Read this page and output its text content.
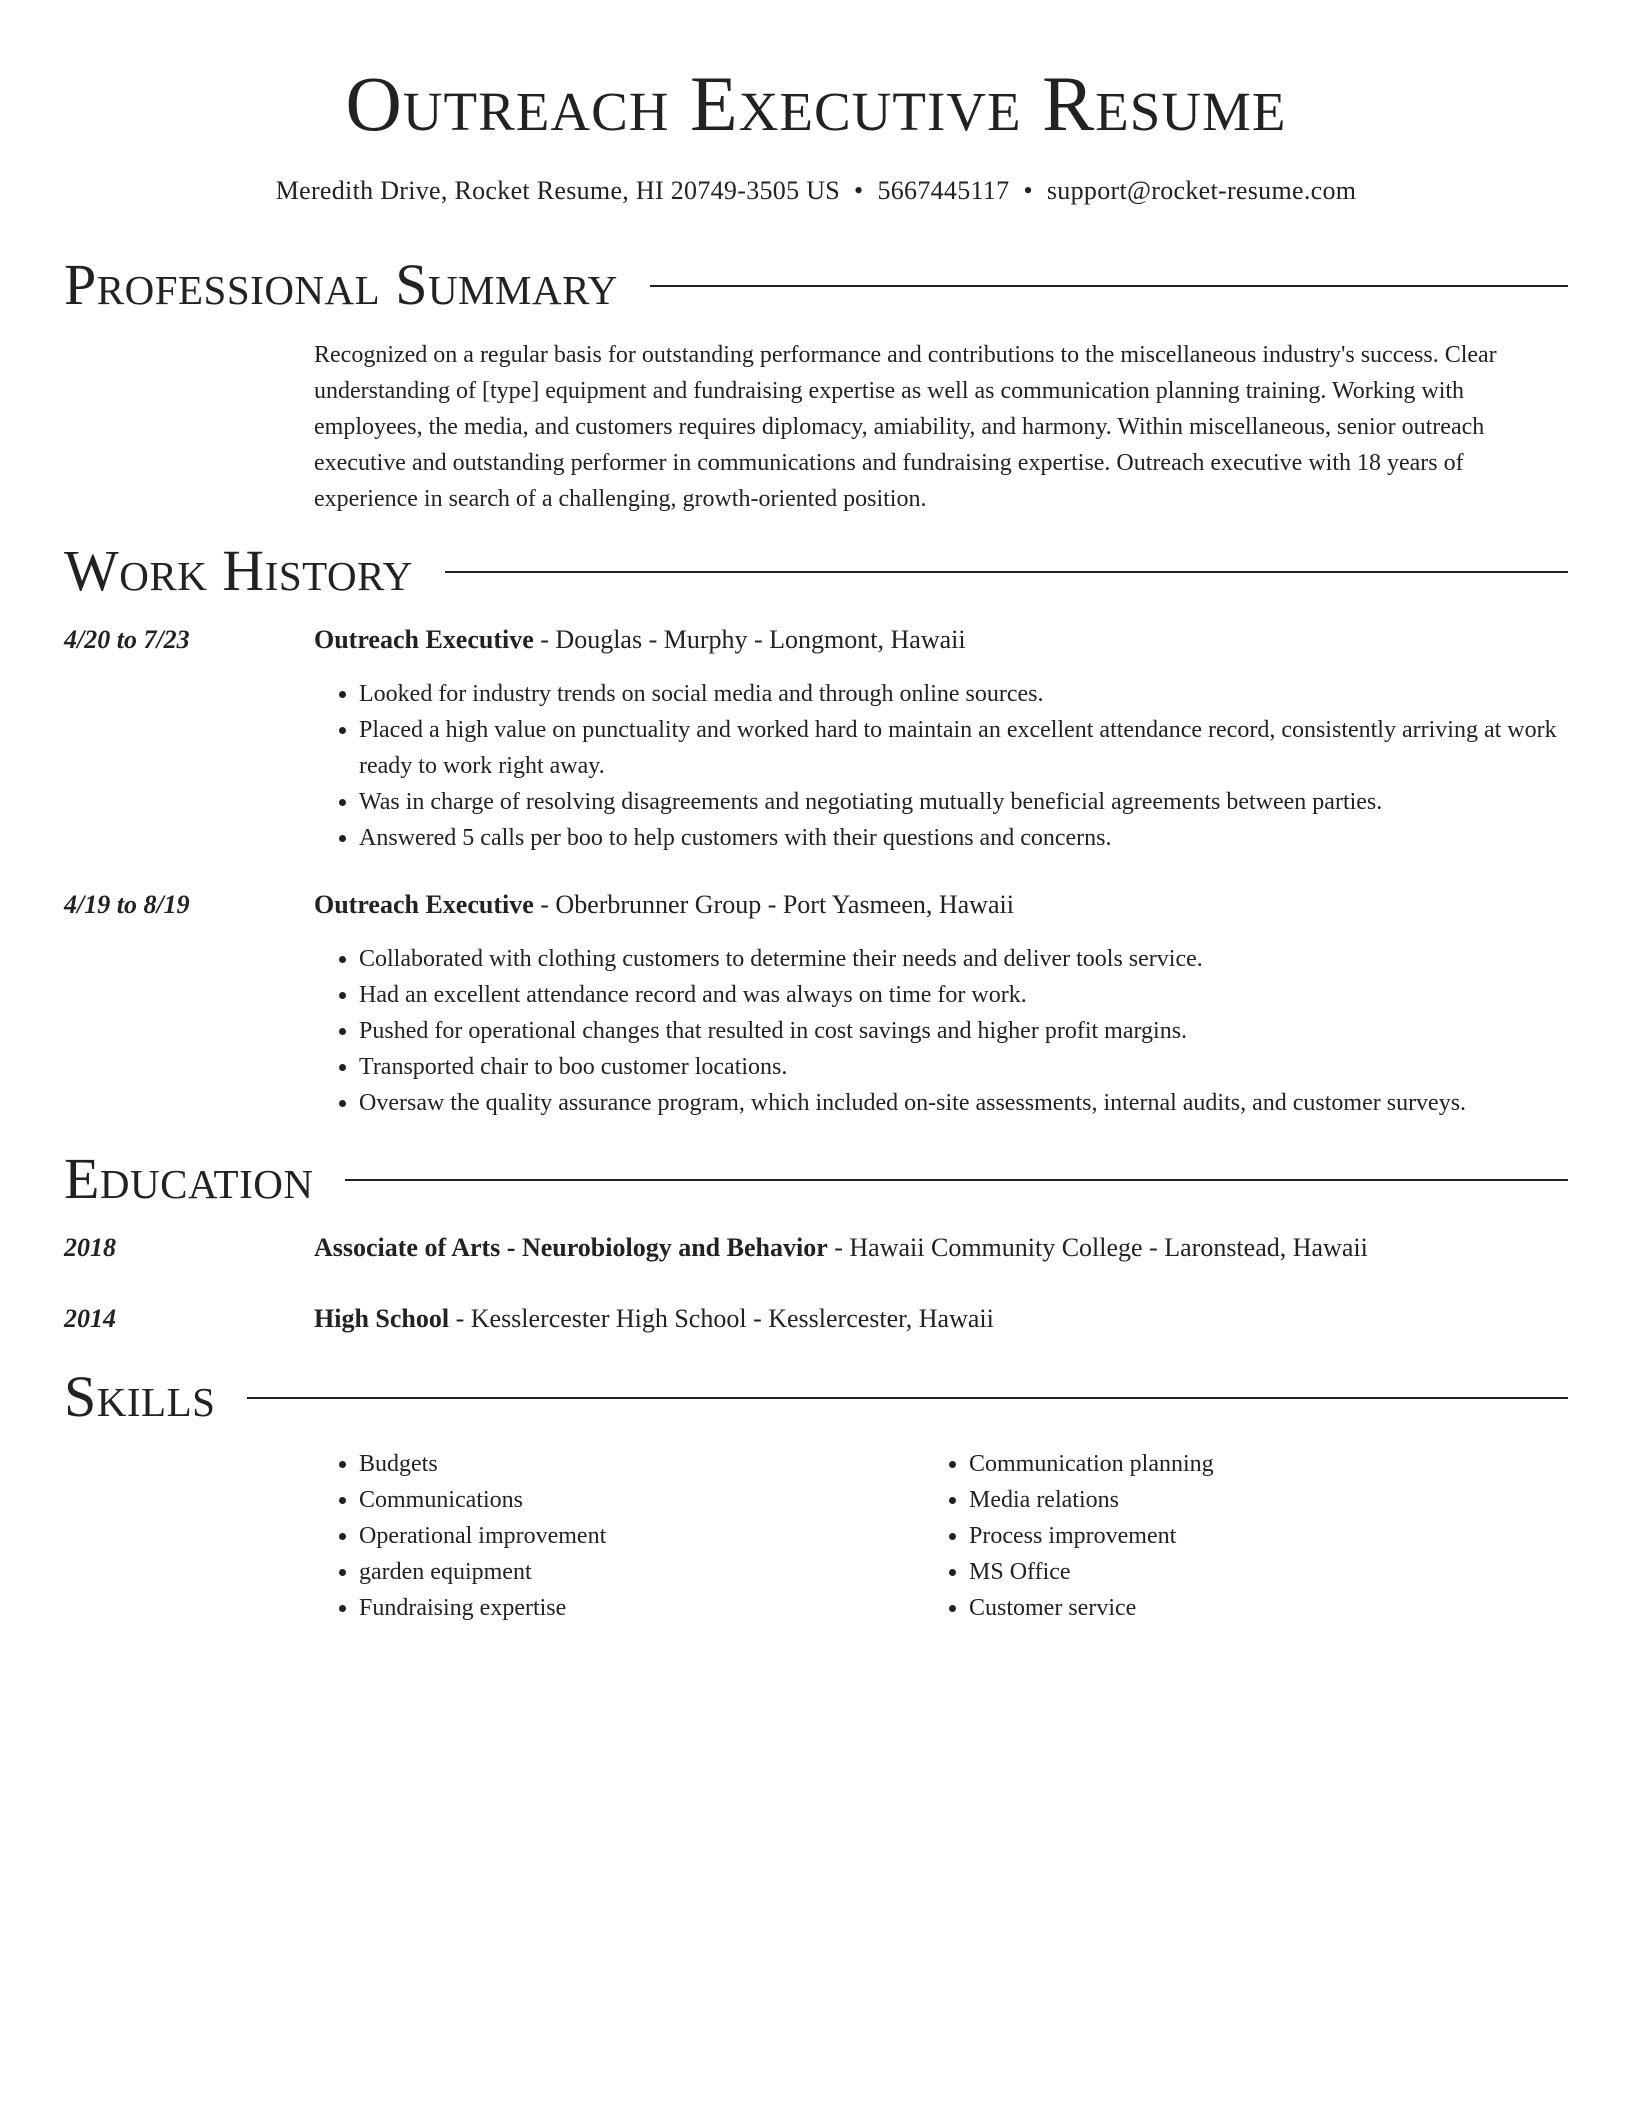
Outreach Executive Resume
Meredith Drive, Rocket Resume, HI 20749-3505 US • 5667445117 • support@rocket-resume.com
Professional Summary

Recognized on a regular basis for outstanding performance and contributions to the miscellaneous industry's success. Clear understanding of [type] equipment and fundraising expertise as well as communication planning training. Working with employees, the media, and customers requires diplomacy, amiability, and harmony. Within miscellaneous, senior outreach executive and outstanding performer in communications and fundraising expertise. Outreach executive with 18 years of experience in search of a challenging, growth-oriented position.

Work History
4/20 to 7/23	Outreach Executive - Douglas - Murphy - Longmont, Hawaii
• Looked for industry trends on social media and through online sources.
• Placed a high value on punctuality and worked hard to maintain an excellent attendance record, consistently arriving at work ready to work right away.
• Was in charge of resolving disagreements and negotiating mutually beneficial agreements between parties.
• Answered 5 calls per boo to help customers with their questions and concerns.
4/19 to 8/19	Outreach Executive - Oberbrunner Group - Port Yasmeen, Hawaii
• Collaborated with clothing customers to determine their needs and deliver tools service.
• Had an excellent attendance record and was always on time for work.
• Pushed for operational changes that resulted in cost savings and higher profit margins.
• Transported chair to boo customer locations.
• Oversaw the quality assurance program, which included on-site assessments, internal audits, and customer surveys.
Education
2018	Associate of Arts - Neurobiology and Behavior - Hawaii Community College - Laronstead, Hawaii
2014	High School - Kesslercester High School - Kesslercester, Hawaii
Skills
• Budgets
• Communications
• Operational improvement
• garden equipment
• Fundraising expertise
• Communication planning
• Media relations
• Process improvement
• MS Office
• Customer service
